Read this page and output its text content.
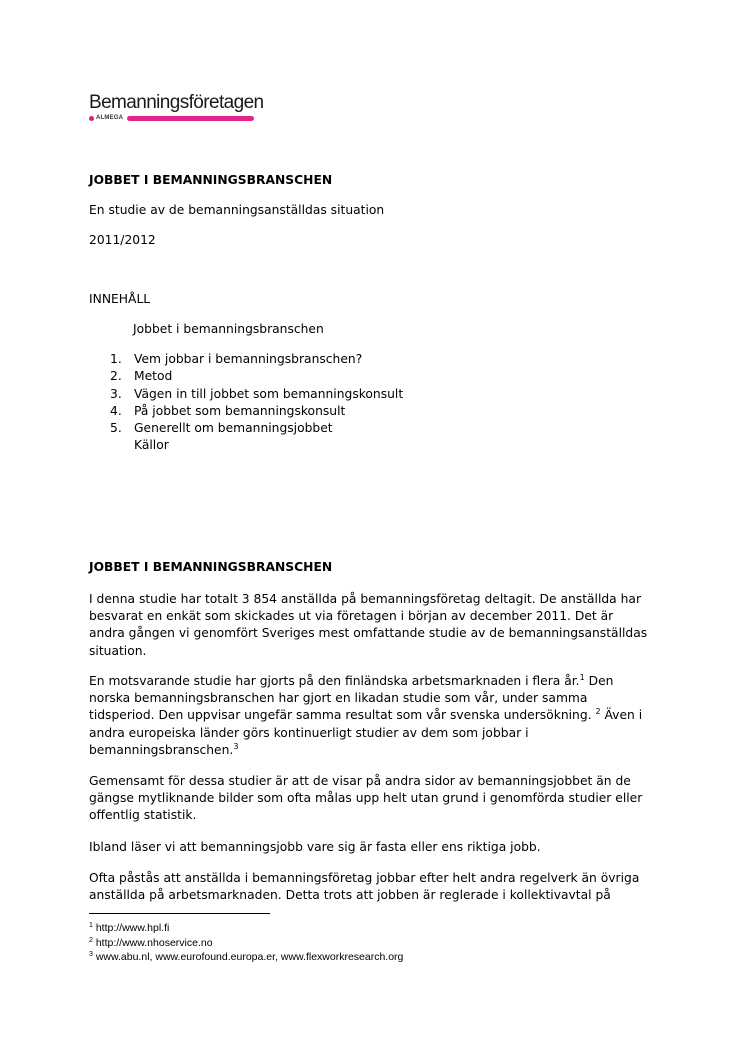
Bemanningsföretagen
ALMEGA
JOBBET I BEMANNINGSBRANSCHEN
En studie av de bemanningsanställdas situation
2011/2012
INNEHÅLL
Jobbet i bemanningsbranschen
1. Vem jobbar i bemanningsbranschen?
2. Metod
3. Vägen in till jobbet som bemanningskonsult
4. På jobbet som bemanningskonsult
5. Generellt om bemanningsjobbet
Källor
JOBBET I BEMANNINGSBRANSCHEN
I denna studie har totalt 3 854 anställda på bemanningsföretag deltagit. De anställda har
besvarat en enkät som skickades ut via företagen i början av december 2011. Det är
andra gången vi genomfört Sveriges mest omfattande studie av de bemanningsanställdas
situation.
En motsvarande studie har gjorts på den finländska arbetsmarknaden i flera år.$^1$ Den
norska bemanningsbranschen har gjort en likadan studie som vår, under samma
tidsperiod. Den uppvisar ungefär samma resultat som vår svenska undersökning. $^2$ Även i
andra europeiska länder görs kontinuerligt studier av dem som jobbar i
bemanningsbranschen.$^3$
Gemensamt för dessa studier är att de visar på andra sidor av bemanningsjobbet än de
gängse mytliknande bilder som ofta målas upp helt utan grund i genomförda studier eller
offentlig statistik.
Ibland läser vi att bemanningsjobb vare sig är fasta eller ens riktiga jobb.
Ofta påstås att anställda i bemanningsföretag jobbar efter helt andra regelverk än övriga
anställda på arbetsmarknaden. Detta trots att jobben är reglerade i kollektivavtal på
$^1$ http://www.hpl.fi
$^2$ http://www.nhoservice.no
$^3$ www.abu.nl, www.eurofound.europa.er, www.flexworkresearch.org
